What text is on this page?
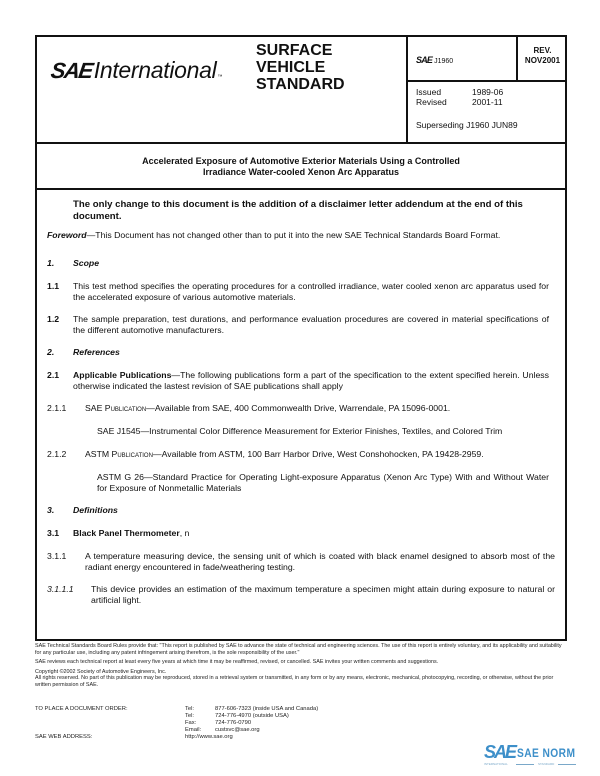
SAE International ™
SURFACE
VEHICLE
STANDARD
SAE J1960
REV.
NOV2001
Issued	1989-06
Revised	2001-11
Superseding J1960 JUN89
Accelerated Exposure of Automotive Exterior Materials Using a Controlled
Irradiance Water-cooled Xenon Arc Apparatus
The only change to this document is the addition of a disclaimer letter addendum at the end of this document.
Foreword—This Document has not changed other than to put it into the new SAE Technical Standards Board Format.
1. Scope
1.1 This test method specifies the operating procedures for a controlled irradiance, water cooled xenon arc apparatus used for the accelerated exposure of various automotive materials.
1.2 The sample preparation, test durations, and performance evaluation procedures are covered in material specifications of the different automotive manufacturers.
2. References
2.1 Applicable Publications—The following publications form a part of the specification to the extent specified herein. Unless otherwise indicated the lastest revision of SAE publications shall apply
2.1.1 SAE Publication—Available from SAE, 400 Commonwealth Drive, Warrendale, PA 15096-0001.
SAE J1545—Instrumental Color Difference Measurement for Exterior Finishes, Textiles, and Colored Trim
2.1.2 ASTM Publication—Available from ASTM, 100 Barr Harbor Drive, West Conshohocken, PA 19428-2959.
ASTM G 26—Standard Practice for Operating Light-exposure Apparatus (Xenon Arc Type) With and Without Water for Exposure of Nonmetallic Materials
3. Definitions
3.1 Black Panel Thermometer, n
3.1.1 A temperature measuring device, the sensing unit of which is coated with black enamel designed to absorb most of the radiant energy encountered in fade/weathering testing.
3.1.1.1 This device provides an estimation of the maximum temperature a specimen might attain during exposure to natural or artificial light.
SAE Technical Standards Board Rules provide that: "This report is published by SAE to advance the state of technical and engineering sciences. The use of this report is entirely voluntary, and its applicability and suitability for any particular use, including any patent infringement arising therefrom, is the sole responsibility of the user."
SAE reviews each technical report at least every five years at which time it may be reaffirmed, revised, or cancelled. SAE invites your written comments and suggestions.
Copyright ©2002 Society of Automotive Engineers, Inc.
All rights reserved. No part of this publication may be reproduced, stored in a retrieval system or transmitted, in any form or by any means, electronic, mechanical, photocopying, recording, or otherwise, without the prior written permission of SAE.
TO PLACE A DOCUMENT ORDER:	Tel:	877-606-7323 (inside USA and Canada)
Tel:	724-776-4970 (outside USA)
Fax:	724-776-0790
Email: custsvc@sae.org
SAE WEB ADDRESS:	http://www.sae.org
SAE SAE NORM
INTERNATIONAL	STANDARD
